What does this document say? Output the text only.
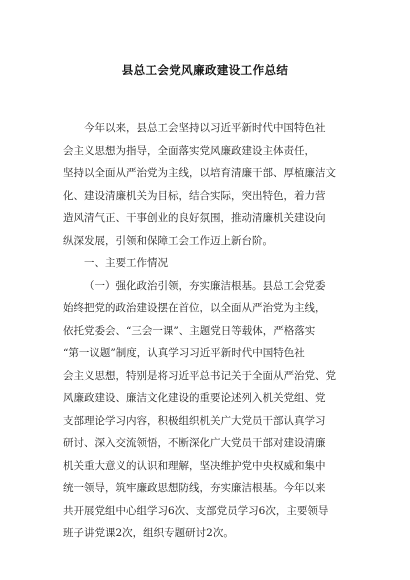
县总工会党风廉政建设工作总结
今年以来，县总工会坚持以习近平新时代中国特色社
会主义思想为指导，全面落实党风廉政建设主体责任，
坚持以全面从严治党为主线，以培育清廉干部、厚植廉洁文
化、建设清廉机关为目标，结合实际，突出特色，着力营
造风清气正、干事创业的良好氛围，推动清廉机关建设向
纵深发展，引领和保障工会工作迈上新台阶。
一、主要工作情况
（一）强化政治引领，夯实廉洁根基。县总工会党委
始终把党的政治建设摆在首位，以全面从严治党为主线，
依托党委会、“三会一课”、主题党日等载体，严格落实
“第一议题”制度，认真学习习近平新时代中国特色社
会主义思想，特别是将习近平总书记关于全面从严治党、党
风廉政建设、廉洁文化建设的重要论述列入机关党组、党
支部理论学习内容，积极组织机关广大党员干部认真学习
研讨、深入交流领悟，不断深化广大党员干部对建设清廉
机关重大意义的认识和理解，坚决维护党中央权威和集中
统一领导，筑牢廉政思想防线，夯实廉洁根基。今年以来
共开展党组中心组学习6次、支部党员学习6次，主要领导
班子讲党课2次，组织专题研讨2次。
